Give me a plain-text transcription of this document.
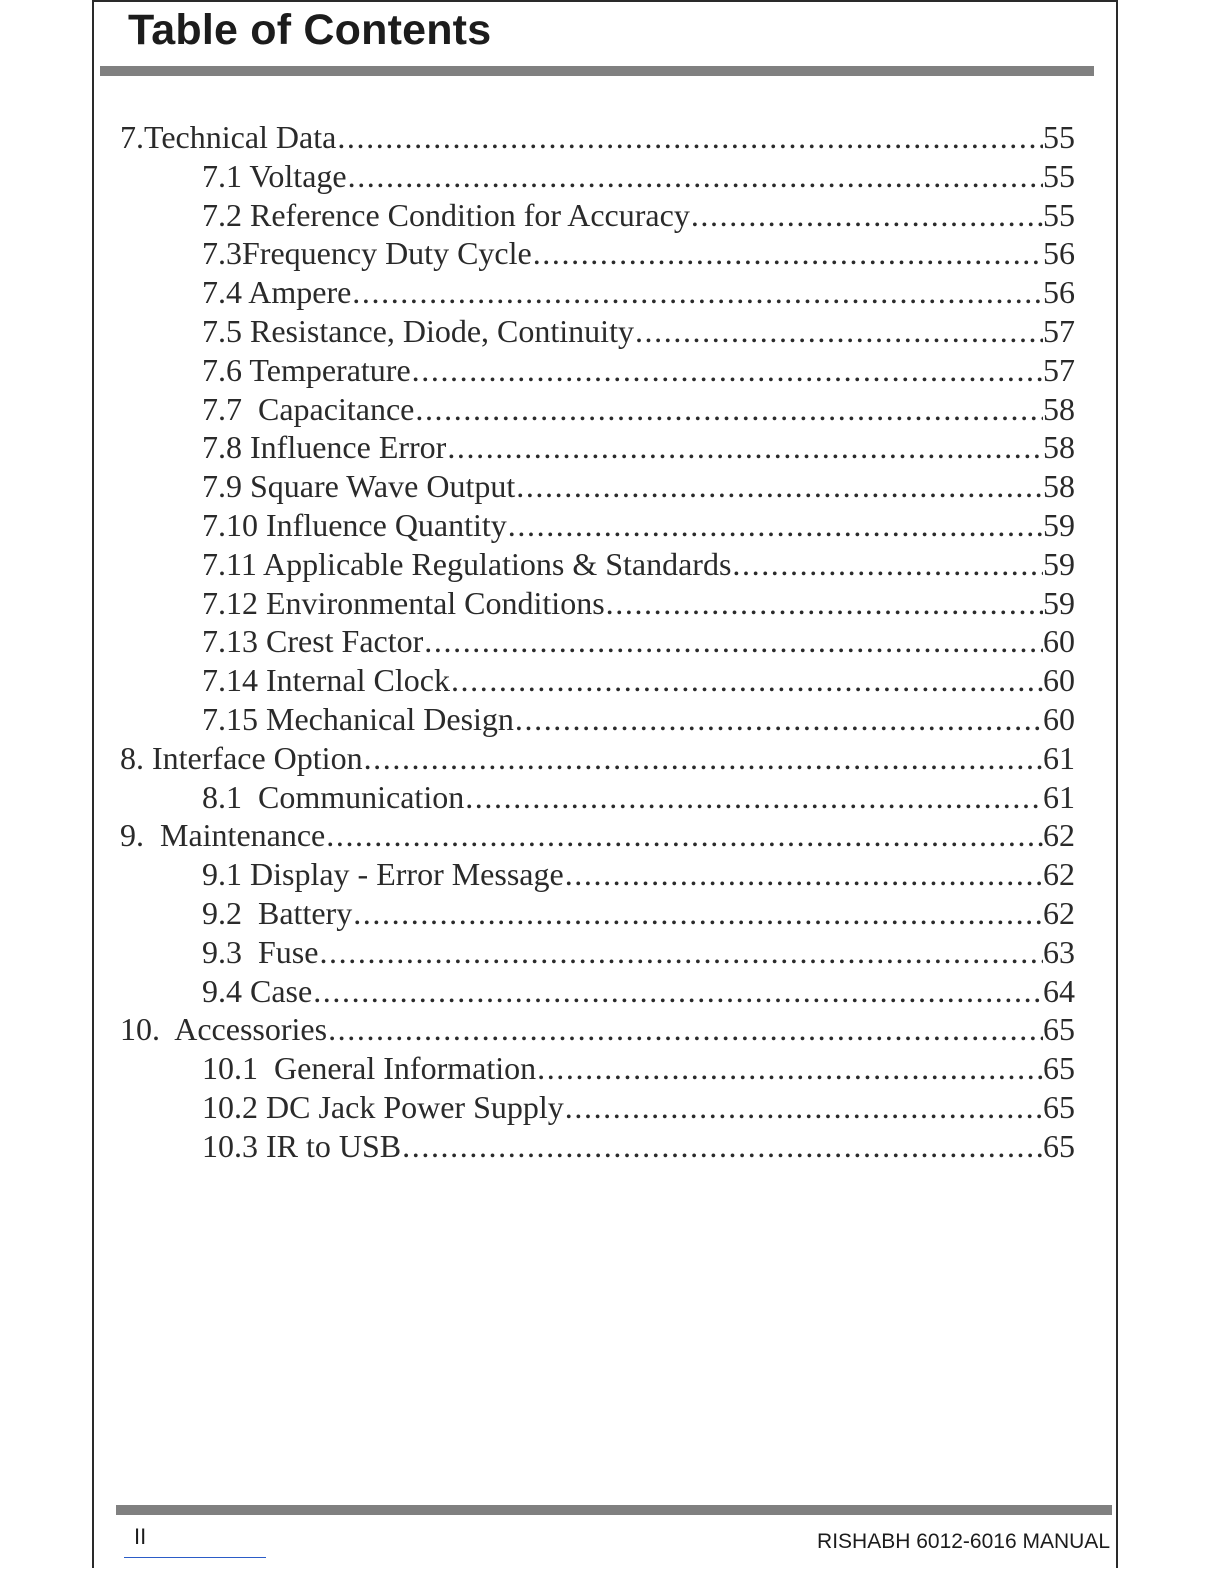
Table of Contents
7.Technical Data .....	55
7.1 Voltage .....	55
7.2 Reference Condition for Accuracy .....	55
7.3Frequency Duty Cycle .....	56
7.4 Ampere .....	56
7.5 Resistance, Diode, Continuity .....	57
7.6 Temperature .....	57
7.7  Capacitance .....	58
7.8 Influence Error .....	58
7.9 Square Wave Output .....	58
7.10 Influence Quantity .....	59
7.11 Applicable Regulations & Standards .....	59
7.12 Environmental Conditions .....	59
7.13 Crest Factor .....	60
7.14 Internal Clock .....	60
7.15 Mechanical Design .....	60
8. Interface Option .....	61
8.1  Communication .....	61
9.  Maintenance .....	62
9.1 Display - Error Message .....	62
9.2  Battery .....	62
9.3  Fuse .....	63
9.4 Case .....	64
10.  Accessories .....	65
10.1  General Information .....	65
10.2 DC Jack Power Supply .....	65
10.3 IR to USB .....	65
II	RISHABH 6012-6016 MANUAL
